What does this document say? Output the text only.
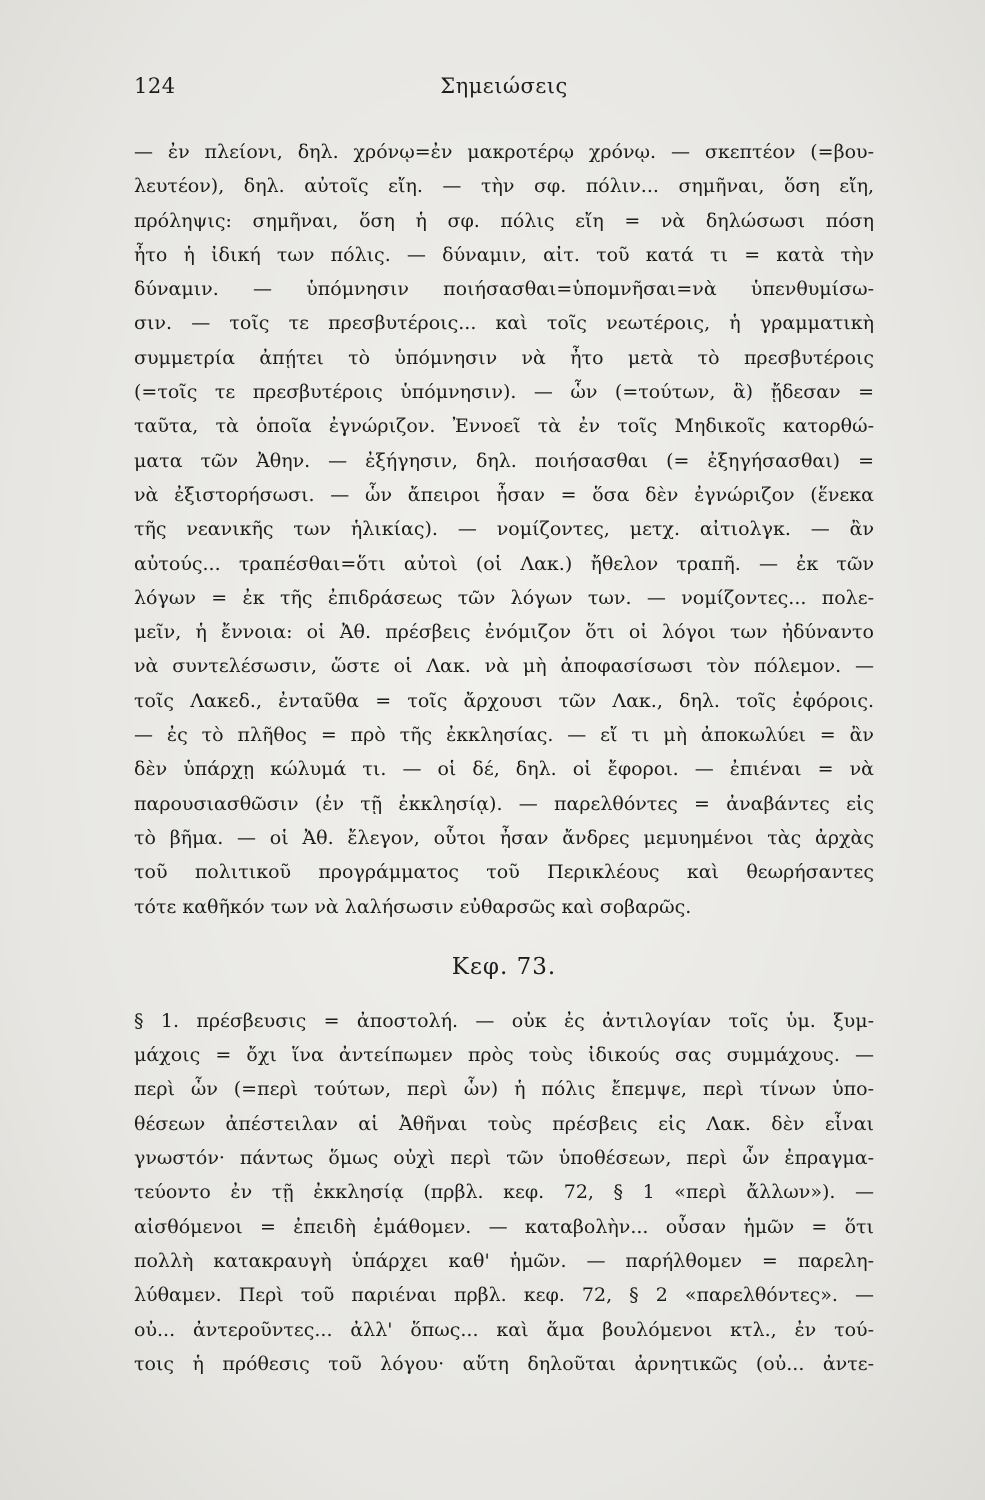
124	Σημειώσεις
— ἐν πλείονι, δηλ. χρόνῳ=ἐν μακροτέρῳ χρόνῳ. — σκεπτέον (=βου-
λευτέον), δηλ. αὐτοῖς εἴη. — τὴν σφ. πόλιν... σημῆναι, ὅση εἴη,
πρόληψις: σημῆναι, ὅση ἡ σφ. πόλις εἴη = νὰ δηλώσωσι πόση
ἦτο ἡ ἰδική των πόλις. — δύναμιν, αἰτ. τοῦ κατά τι = κατὰ τὴν
δύναμιν. — ὑπόμνησιν ποιήσασθαι=ὑπομνῆσαι=νὰ ὑπενθυμίσω-
σιν. — τοῖς τε πρεσβυτέροις... καὶ τοῖς νεωτέροις, ἡ γραμματικὴ
συμμετρία ἀπῄτει τὸ ὑπόμνησιν νὰ ἦτο μετὰ τὸ πρεσβυτέροις
(=τοῖς τε πρεσβυτέροις ὑπόμνησιν). — ὧν (=τούτων, ἃ) ᾔδεσαν =
ταῦτα, τὰ ὁποῖα ἐγνώριζον. Ἐννοεῖ τὰ ἐν τοῖς Μηδικοῖς κατορθώ-
ματα τῶν Ἀθην. — ἐξήγησιν, δηλ. ποιήσασθαι (= ἐξηγήσασθαι) =
νὰ ἐξιστορήσωσι. — ὧν ἄπειροι ἦσαν = ὅσα δὲν ἐγνώριζον (ἕνεκα
τῆς νεανικῆς των ἡλικίας). — νομίζοντες, μετχ. αἰτιολγκ. — ἂν
αὐτούς... τραπέσθαι=ὅτι αὐτοὶ (οἱ Λακ.) ἤθελον τραπῆ. — ἐκ τῶν
λόγων = ἐκ τῆς ἐπιδράσεως τῶν λόγων των. — νομίζοντες... πολε-
μεῖν, ἡ ἔννοια: οἱ Ἀθ. πρέσβεις ἐνόμιζον ὅτι οἱ λόγοι των ἠδύναντο
νὰ συντελέσωσιν, ὥστε οἱ Λακ. νὰ μὴ ἀποφασίσωσι τὸν πόλεμον. —
τοῖς Λακεδ., ἐνταῦθα = τοῖς ἄρχουσι τῶν Λακ., δηλ. τοῖς ἐφόροις.
— ἐς τὸ πλῆθος = πρὸ τῆς ἐκκλησίας. — εἴ τι μὴ ἀποκωλύει = ἂν
δὲν ὑπάρχῃ κώλυμά τι. — οἱ δέ, δηλ. οἱ ἔφοροι. — ἐπιέναι = νὰ
παρουσιασθῶσιν (ἐν τῇ ἐκκλησίᾳ). — παρελθόντες = ἀναβάντες εἰς
τὸ βῆμα. — οἱ Ἀθ. ἔλεγον, οὗτοι ἦσαν ἄνδρες μεμυημένοι τὰς ἀρχὰς
τοῦ πολιτικοῦ προγράμματος τοῦ Περικλέους καὶ θεωρήσαντες
τότε καθῆκόν των νὰ λαλήσωσιν εὐθαρσῶς καὶ σοβαρῶς.
Κεφ. 73.
§ 1. πρέσβευσις = ἀποστολή. — οὐκ ἐς ἀντιλογίαν τοῖς ὑμ. ξυμ-
μάχοις = ὄχι ἵνα ἀντείπωμεν πρὸς τοὺς ἰδικούς σας συμμάχους. —
περὶ ὧν (=περὶ τούτων, περὶ ὧν) ἡ πόλις ἔπεμψε, περὶ τίνων ὑπο-
θέσεων ἀπέστειλαν αἱ Ἀθῆναι τοὺς πρέσβεις εἰς Λακ. δὲν εἶναι
γνωστόν· πάντως ὅμως οὐχὶ περὶ τῶν ὑποθέσεων, περὶ ὧν ἐπραγμα-
τεύοντο ἐν τῇ ἐκκλησίᾳ (πρβλ. κεφ. 72, § 1 «περὶ ἄλλων»). —
αἰσθόμενοι = ἐπειδὴ ἐμάθομεν. — καταβολὴν... οὖσαν ἡμῶν = ὅτι
πολλὴ κατακραυγὴ ὑπάρχει καθ' ἡμῶν. — παρήλθομεν = παρελη-
λύθαμεν. Περὶ τοῦ παριέναι πρβλ. κεφ. 72, § 2 «παρελθόντες». —
οὐ... ἀντεροῦντες... ἀλλ' ὅπως... καὶ ἅμα βουλόμενοι κτλ., ἐν τού-
τοις ἡ πρόθεσις τοῦ λόγου· αὕτη δηλοῦται ἀρνητικῶς (οὐ... ἀντε-
